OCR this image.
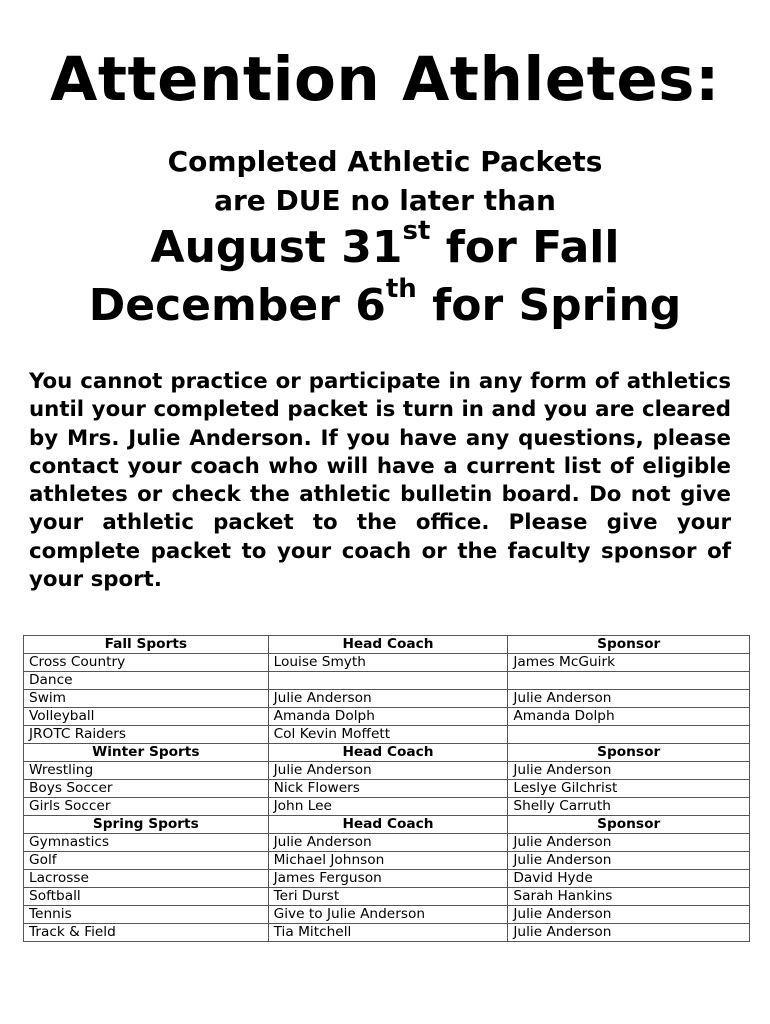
Attention Athletes:
Completed Athletic Packets
are DUE no later than
August 31st for Fall
December 6th for Spring
You cannot practice or participate in any form of athletics until your completed packet is turn in and you are cleared by Mrs. Julie Anderson. If you have any questions, please contact your coach who will have a current list of eligible athletes or check the athletic bulletin board. Do not give your athletic packet to the office. Please give your complete packet to your coach or the faculty sponsor of your sport.
Fall Sports	Head Coach	Sponsor
Cross Country	Louise Smyth	James McGuirk
Dance		
Swim	Julie Anderson	Julie Anderson
Volleyball	Amanda Dolph	Amanda Dolph
JROTC Raiders	Col Kevin Moffett	
Winter Sports	Head Coach	Sponsor
Wrestling	Julie Anderson	Julie Anderson
Boys Soccer	Nick Flowers	Leslye Gilchrist
Girls Soccer	John Lee	Shelly Carruth
Spring Sports	Head Coach	Sponsor
Gymnastics	Julie Anderson	Julie Anderson
Golf	Michael Johnson	Julie Anderson
Lacrosse	James Ferguson	David Hyde
Softball	Teri Durst	Sarah Hankins
Tennis	Give to Julie Anderson	Julie Anderson
Track & Field	Tia Mitchell	Julie Anderson
